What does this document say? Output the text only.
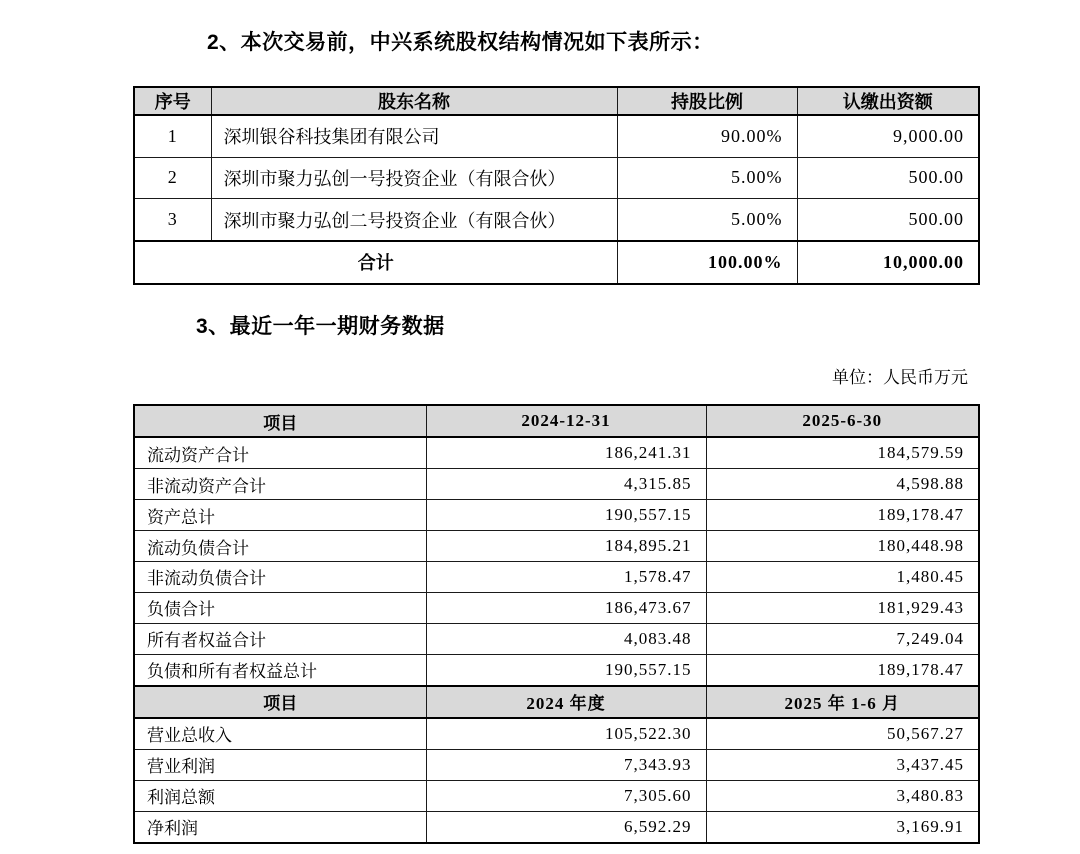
2、本次交易前，中兴系统股权结构情况如下表所示：
序号	股东名称	持股比例	认缴出资额
1	深圳银谷科技集团有限公司	90.00%	9,000.00
2	深圳市聚力弘创一号投资企业（有限合伙）	5.00%	500.00
3	深圳市聚力弘创二号投资企业（有限合伙）	5.00%	500.00
合计		100.00%	10,000.00
3、最近一年一期财务数据
单位：人民币万元
项目	2024-12-31	2025-6-30
流动资产合计	186,241.31	184,579.59
非流动资产合计	4,315.85	4,598.88
资产总计	190,557.15	189,178.47
流动负债合计	184,895.21	180,448.98
非流动负债合计	1,578.47	1,480.45
负债合计	186,473.67	181,929.43
所有者权益合计	4,083.48	7,249.04
负债和所有者权益总计	190,557.15	189,178.47
项目	2024 年度	2025 年 1-6 月
营业总收入	105,522.30	50,567.27
营业利润	7,343.93	3,437.45
利润总额	7,305.60	3,480.83
净利润	6,592.29	3,169.91
